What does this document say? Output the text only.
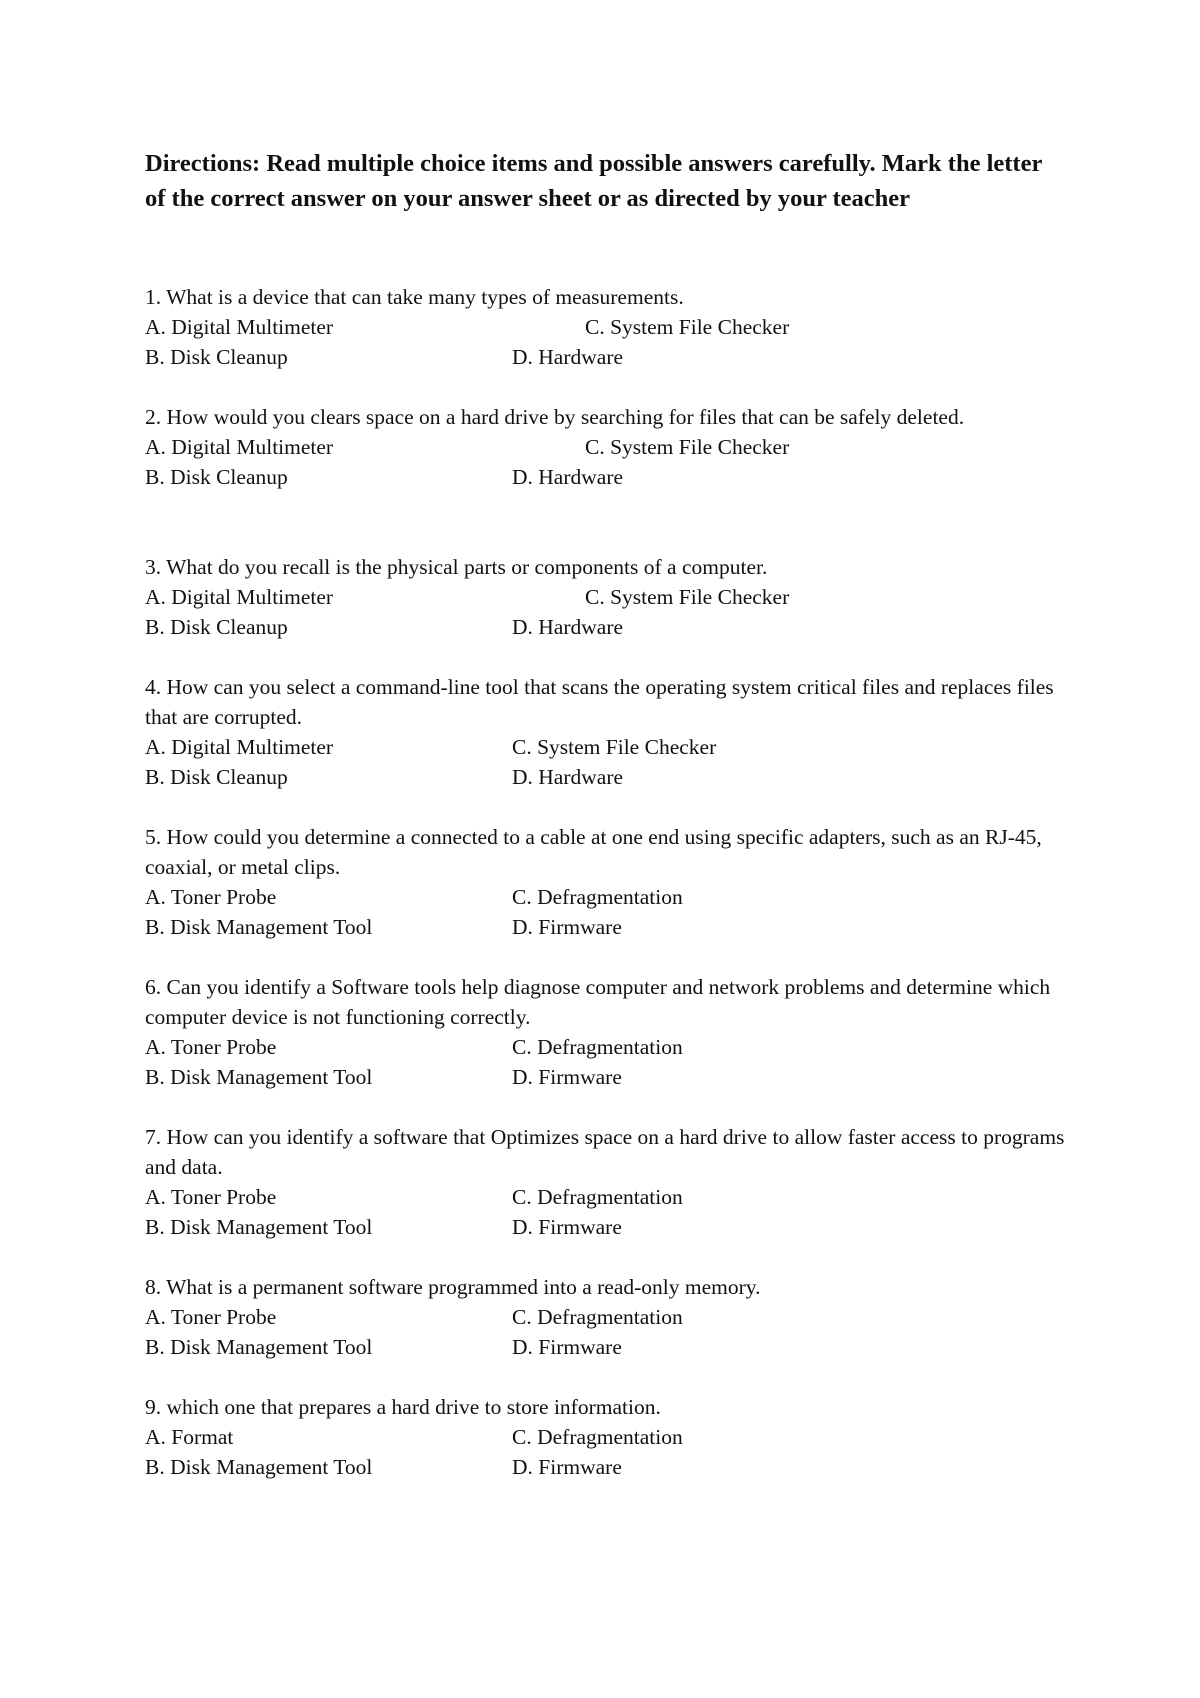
Directions: Read multiple choice items and possible answers carefully. Mark the letter of the correct answer on your answer sheet or as directed by your teacher
1. What is a device that can take many types of measurements.
A. Digital Multimeter	C. System File Checker
B. Disk Cleanup	D. Hardware
2. How would you clears space on a hard drive by searching for files that can be safely deleted.
A. Digital Multimeter	C. System File Checker
B. Disk Cleanup	D. Hardware
3. What do you recall is the physical parts or components of a computer.
A. Digital Multimeter	C. System File Checker
B. Disk Cleanup	D. Hardware
4. How can you select a command-line tool that scans the operating system critical files and replaces files that are corrupted.
A. Digital Multimeter	C. System File Checker
B. Disk Cleanup	D. Hardware
5. How could you determine a connected to a cable at one end using specific adapters, such as an RJ-45, coaxial, or metal clips.
A. Toner Probe	C. Defragmentation
B. Disk Management Tool	D. Firmware
6. Can you identify a Software tools help diagnose computer and network problems and determine which computer device is not functioning correctly.
A. Toner Probe	C. Defragmentation
B. Disk Management Tool	D. Firmware
7. How can you identify a software that Optimizes space on a hard drive to allow faster access to programs and data.
A. Toner Probe	C. Defragmentation
B. Disk Management Tool	D. Firmware
8. What is a permanent software programmed into a read-only memory.
A. Toner Probe	C. Defragmentation
B. Disk Management Tool	D. Firmware
9. which one that prepares a hard drive to store information.
A. Format	C. Defragmentation
B. Disk Management Tool	D. Firmware
